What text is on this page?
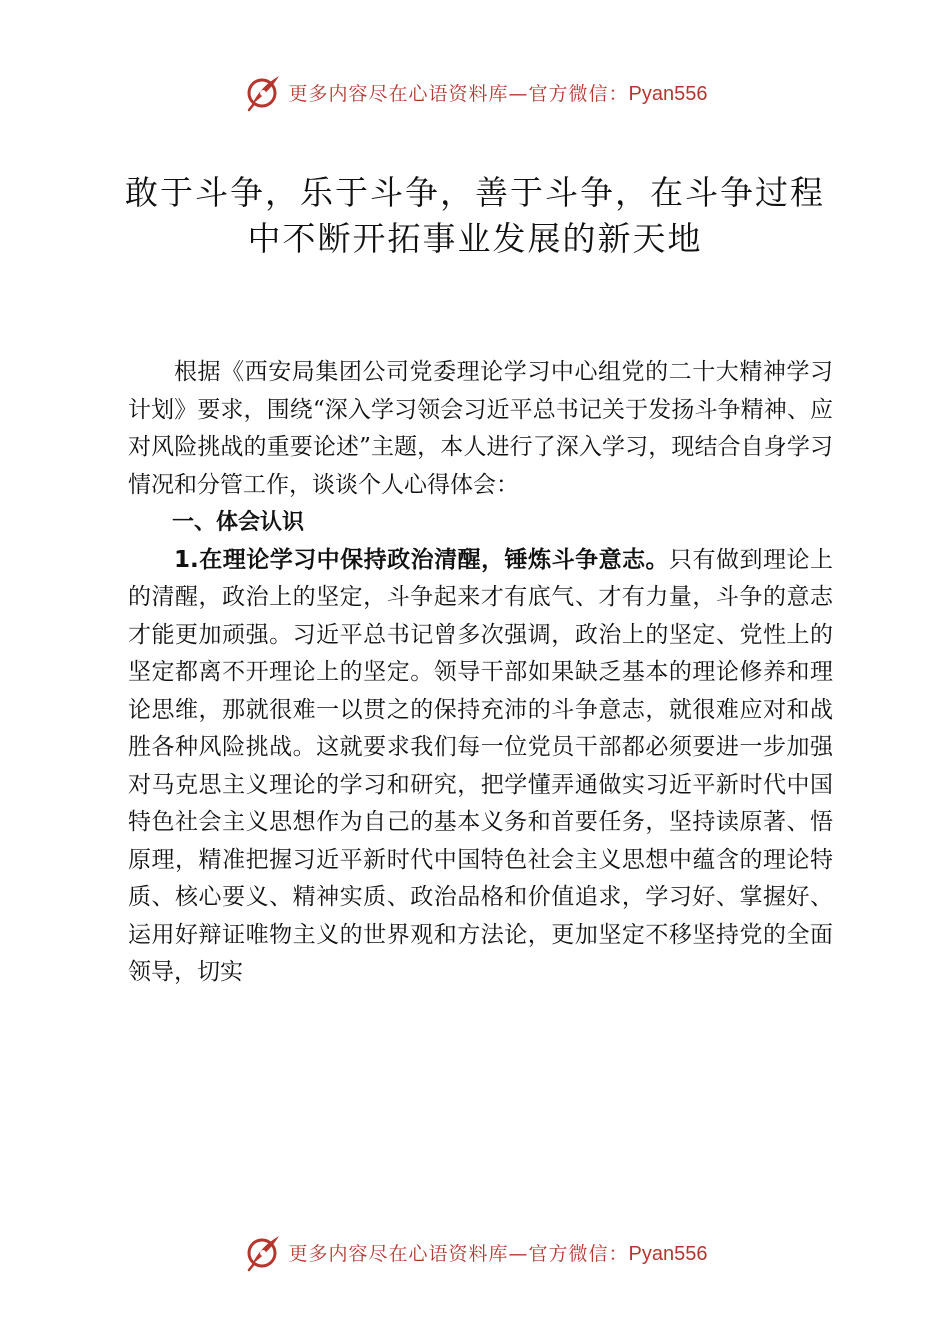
更多内容尽在心语资料库—官方微信：Pyan556
敢于斗争，乐于斗争，善于斗争，在斗争过程
中不断开拓事业发展的新天地

根据《西安局集团公司党委理论学习中心组党的二十大精神学习计划》要求，围绕“深入学习领会习近平总书记关于发扬斗争精神、应对风险挑战的重要论述”主题，本人进行了深入学习，现结合自身学习情况和分管工作，谈谈个人心得体会：

一、体会认识

1.在理论学习中保持政治清醒，锤炼斗争意志。只有做到理论上的清醒，政治上的坚定，斗争起来才有底气、才有力量，斗争的意志才能更加顽强。习近平总书记曾多次强调，政治上的坚定、党性上的坚定都离不开理论上的坚定。领导干部如果缺乏基本的理论修养和理论思维，那就很难一以贯之的保持充沛的斗争意志，就很难应对和战胜各种风险挑战。这就要求我们每一位党员干部都必须要进一步加强对马克思主义理论的学习和研究，把学懂弄通做实习近平新时代中国特色社会主义思想作为自己的基本义务和首要任务，坚持读原著、悟原理，精准把握习近平新时代中国特色社会主义思想中蕴含的理论特质、核心要义、精神实质、政治品格和价值追求，学习好、掌握好、运用好辩证唯物主义的世界观和方法论，更加坚定不移坚持党的全面领导，切实

更多内容尽在心语资料库—官方微信：Pyan556
